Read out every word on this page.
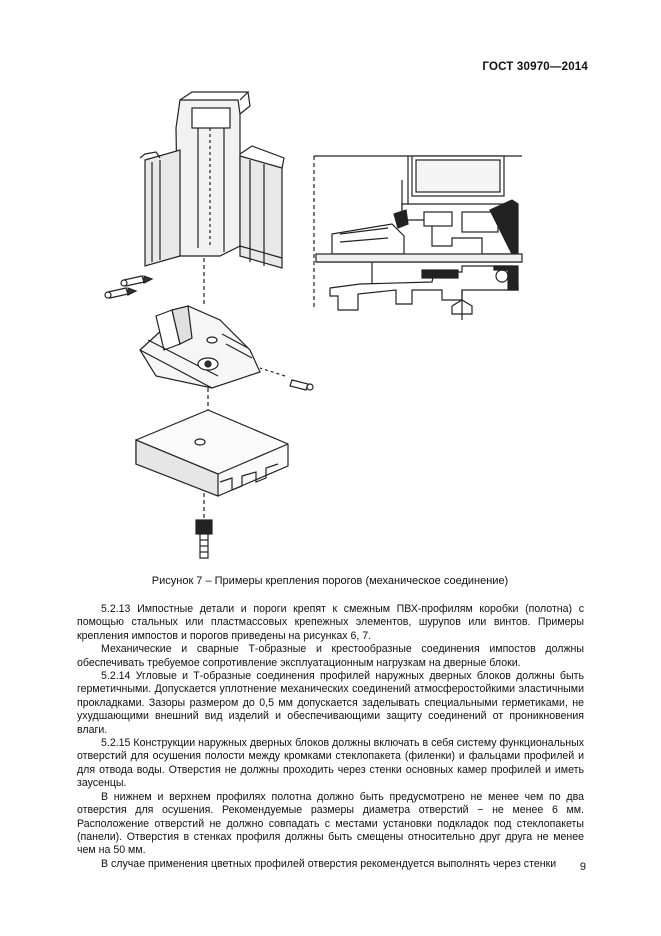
ГОСТ 30970—2014
Рисунок 7 – Примеры крепления порогов (механическое соединение)

5.2.13 Импостные детали и пороги крепят к смежным ПВХ-профилям коробки (полотна) с помощью стальных или пластмассовых крепежных элементов, шурупов или винтов. Примеры крепления импостов и порогов приведены на рисунках 6, 7.

Механические и сварные Т-образные и крестообразные соединения импостов должны обеспечивать требуемое сопротивление эксплуатационным нагрузкам на дверные блоки.

5.2.14 Угловые и Т-образные соединения профилей наружных дверных блоков должны быть герметичными. Допускается уплотнение механических соединений атмосферостойкими эластичными прокладками. Зазоры размером до 0,5 мм допускается заделывать специальными герметиками, не ухудшающими внешний вид изделий и обеспечивающими защиту соединений от проникновения влаги.

5.2.15 Конструкции наружных дверных блоков должны включать в себя систему функциональных отверстий для осушения полости между кромками стеклопакета (филенки) и фальцами профилей и для отвода воды. Отверстия не должны проходить через стенки основных камер профилей и иметь заусенцы.

В нижнем и верхнем профилях полотна должно быть предусмотрено не менее чем по два отверстия для осушения. Рекомендуемые размеры диаметра отверстий − не менее 6 мм. Расположение отверстий не должно совпадать с местами установки подкладок под стеклопакеты (панели). Отверстия в стенках профиля должны быть смещены относительно друг друга не менее чем на 50 мм.

В случае применения цветных профилей отверстия рекомендуется выполнять через стенки	9
